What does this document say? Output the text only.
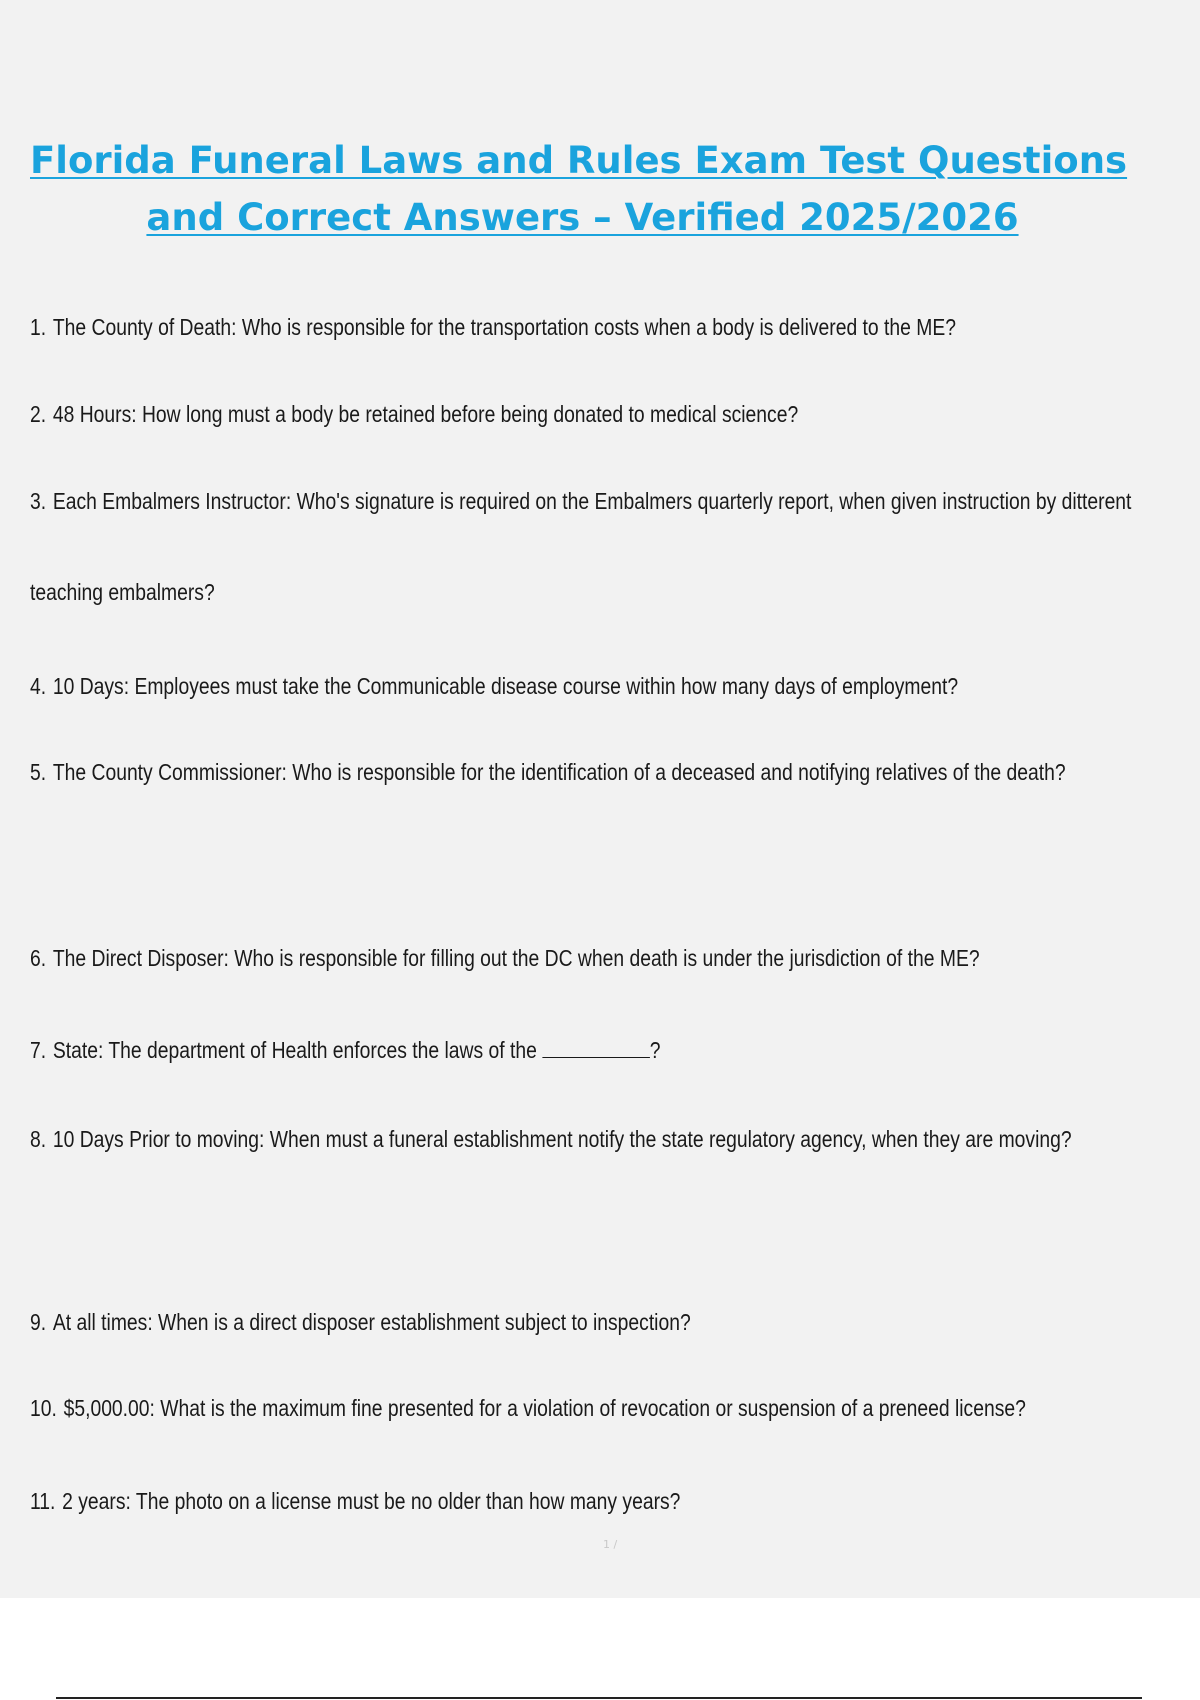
Florida Funeral Laws and Rules Exam Test Questions
and Correct Answers – Verified 2025/2026

1. The County of Death: Who is responsible for the transportation costs when a body is delivered to the ME?

2. 48 Hours: How long must a body be retained before being donated to medical science?

3. Each Embalmers Instructor: Who's signature is required on the Embalmers quarterly report, when given instruction by ditterent teaching embalmers?

4. 10 Days: Employees must take the Communicable disease course within how many days of employment?

5. The County Commissioner: Who is responsible for the identification of a deceased and notifying relatives of the death?

6. The Direct Disposer: Who is responsible for filling out the DC when death is under the jurisdiction of the ME?

7. State: The department of Health enforces the laws of the	?

8. 10 Days Prior to moving: When must a funeral establishment notify the state regulatory agency, when they are moving?

9. At all times: When is a direct disposer establishment subject to inspection?

10. $5,000.00: What is the maximum fine presented for a violation of revocation or suspension of a preneed license?

11. 2 years: The photo on a license must be no older than how many years?

1 /
